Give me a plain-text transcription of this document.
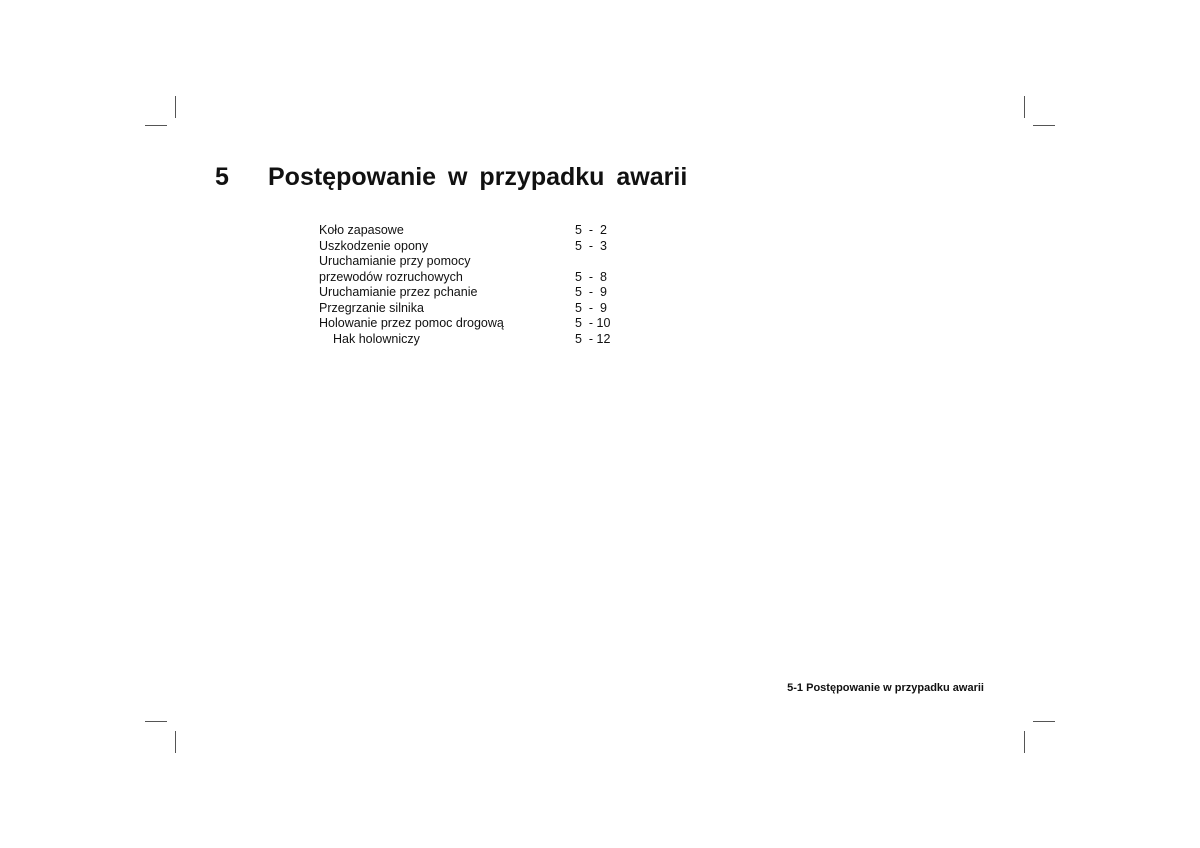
5 Postępowanie w przypadku awarii
Koło zapasowe	5  -  2
Uszkodzenie opony	5  -  3
Uruchamianie przy pomocy
przewodów rozruchowych	5  -  8
Uruchamianie przez pchanie	5  -  9
Przegrzanie silnika	5  -  9
Holowanie przez pomoc drogową	5  - 10
Hak holowniczy	5  - 12
5-1 Postępowanie w przypadku awarii
